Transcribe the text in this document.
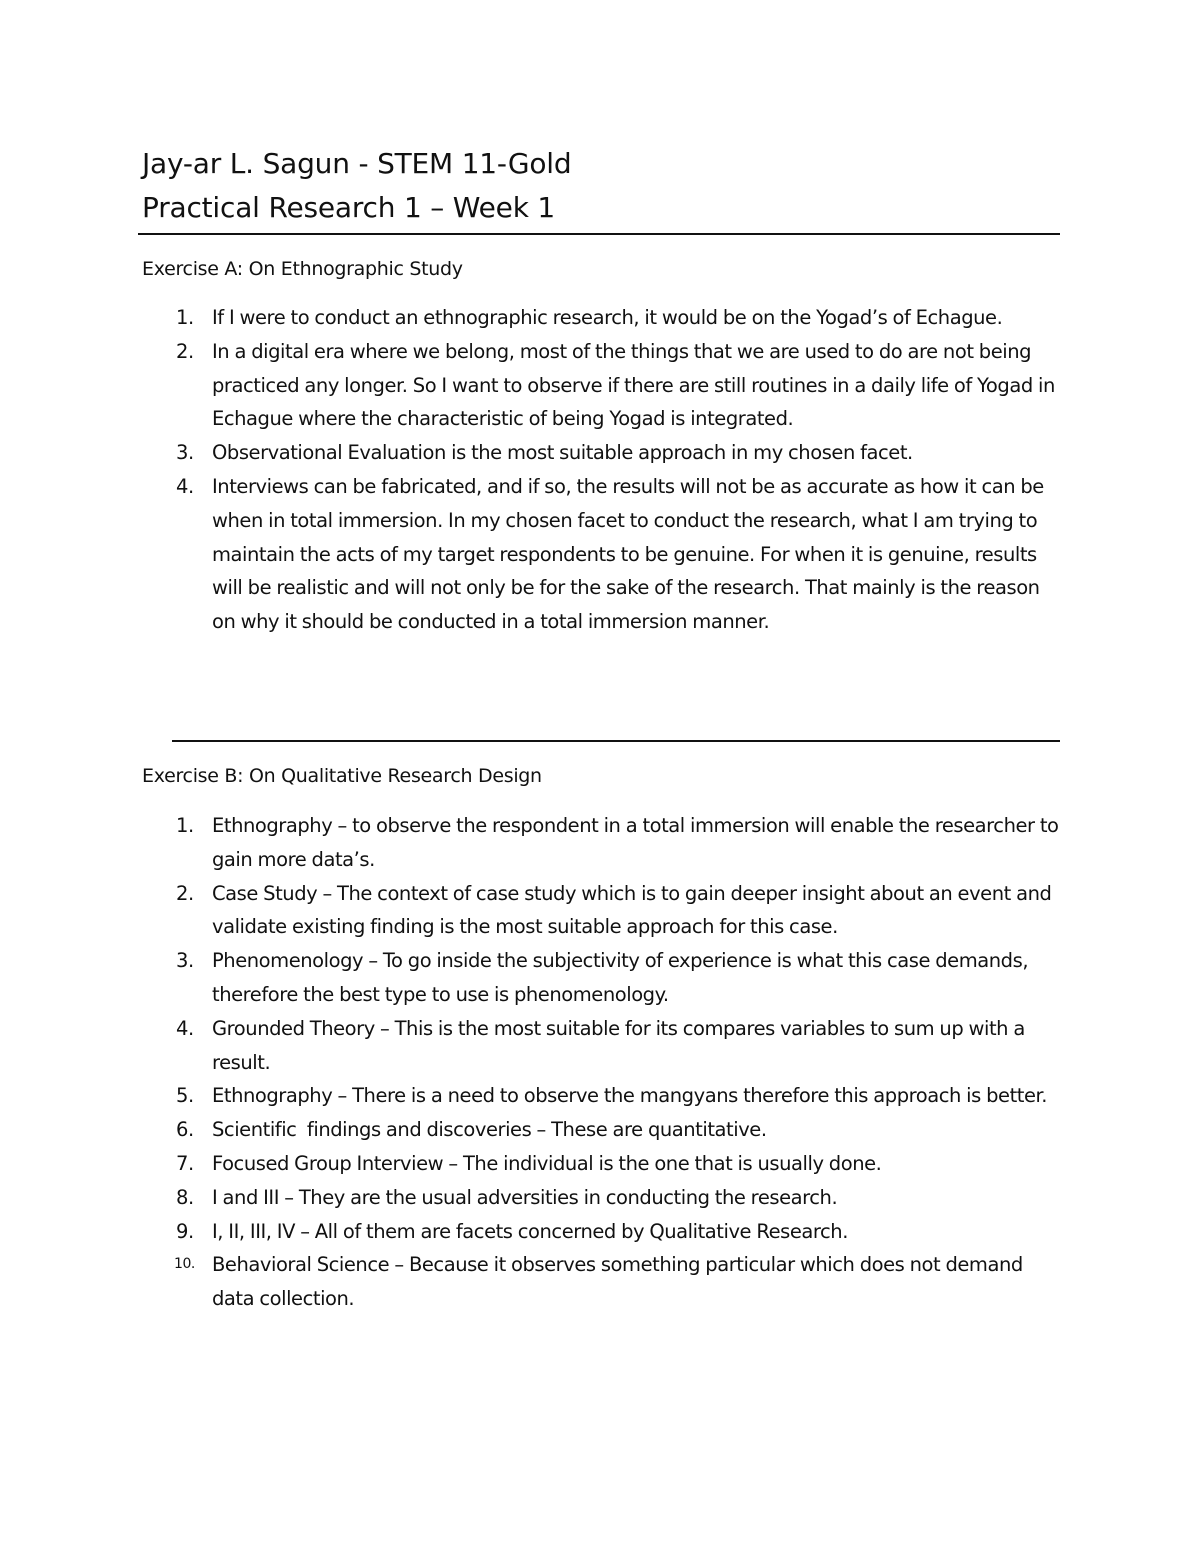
Jay-ar L. Sagun - STEM 11-Gold

Practical Research 1 – Week 1

Exercise A: On Ethnographic Study

1. If I were to conduct an ethnographic research, it would be on the Yogad’s of Echague.
2. In a digital era where we belong, most of the things that we are used to do are not being practiced any longer. So I want to observe if there are still routines in a daily life of Yogad in Echague where the characteristic of being Yogad is integrated.
3. Observational Evaluation is the most suitable approach in my chosen facet.
4. Interviews can be fabricated, and if so, the results will not be as accurate as how it can be when in total immersion. In my chosen facet to conduct the research, what I am trying to maintain the acts of my target respondents to be genuine. For when it is genuine, results will be realistic and will not only be for the sake of the research. That mainly is the reason on why it should be conducted in a total immersion manner.

Exercise B: On Qualitative Research Design

1. Ethnography – to observe the respondent in a total immersion will enable the researcher to gain more data’s.
2. Case Study – The context of case study which is to gain deeper insight about an event and validate existing finding is the most suitable approach for this case.
3. Phenomenology – To go inside the subjectivity of experience is what this case demands, therefore the best type to use is phenomenology.
4. Grounded Theory – This is the most suitable for its compares variables to sum up with a result.
5. Ethnography – There is a need to observe the mangyans therefore this approach is better.
6. Scientific  findings and discoveries – These are quantitative.
7. Focused Group Interview – The individual is the one that is usually done.
8. I and III – They are the usual adversities in conducting the research.
9. I, II, III, IV – All of them are facets concerned by Qualitative Research.
10. Behavioral Science – Because it observes something particular which does not demand data collection.
